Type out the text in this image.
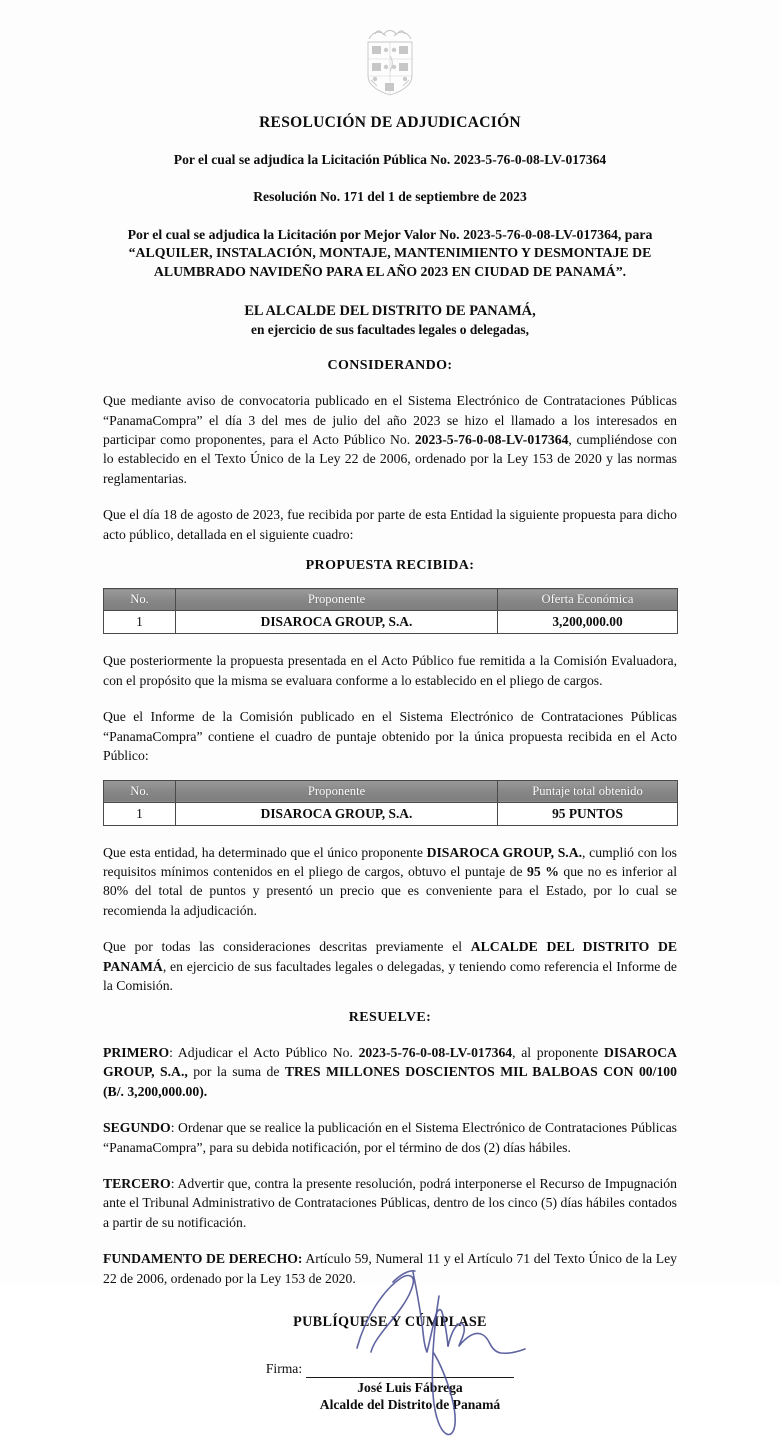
RESOLUCIÓN DE ADJUDICACIÓN
Por el cual se adjudica la Licitación Pública No. 2023-5-76-0-08-LV-017364
Resolución No. 171 del 1 de septiembre de 2023
Por el cual se adjudica la Licitación por Mejor Valor No. 2023-5-76-0-08-LV-017364, para
“ALQUILER, INSTALACIÓN, MONTAJE, MANTENIMIENTO Y DESMONTAJE DE
ALUMBRADO NAVIDEÑO PARA EL AÑO 2023 EN CIUDAD DE PANAMÁ”.
EL ALCALDE DEL DISTRITO DE PANAMÁ,
en ejercicio de sus facultades legales o delegadas,
CONSIDERANDO:

Que mediante aviso de convocatoria publicado en el Sistema Electrónico de Contrataciones Públicas “PanamaCompra” el día 3 del mes de julio del año 2023 se hizo el llamado a los interesados en participar como proponentes, para el Acto Público No. 2023-5-76-0-08-LV-017364, cumpliéndose con lo establecido en el Texto Único de la Ley 22 de 2006, ordenado por la Ley 153 de 2020 y las normas reglamentarias.

Que el día 18 de agosto de 2023, fue recibida por parte de esta Entidad la siguiente propuesta para dicho acto público, detallada en el siguiente cuadro:

PROPUESTA RECIBIDA:
No.	Proponente	Oferta Económica
1	DISAROCA GROUP, S.A.	3,200,000.00

Que posteriormente la propuesta presentada en el Acto Público fue remitida a la Comisión Evaluadora, con el propósito que la misma se evaluara conforme a lo establecido en el pliego de cargos.

Que el Informe de la Comisión publicado en el Sistema Electrónico de Contrataciones Públicas “PanamaCompra” contiene el cuadro de puntaje obtenido por la única propuesta recibida en el Acto Público:

No.	Proponente	Puntaje total obtenido
1	DISAROCA GROUP, S.A.	95 PUNTOS

Que esta entidad, ha determinado que el único proponente DISAROCA GROUP, S.A., cumplió con los requisitos mínimos contenidos en el pliego de cargos, obtuvo el puntaje de 95 % que no es inferior al 80% del total de puntos y presentó un precio que es conveniente para el Estado, por lo cual se recomienda la adjudicación.

Que por todas las consideraciones descritas previamente el ALCALDE DEL DISTRITO DE PANAMÁ, en ejercicio de sus facultades legales o delegadas, y teniendo como referencia el Informe de la Comisión.

RESUELVE:

PRIMERO: Adjudicar el Acto Público No. 2023-5-76-0-08-LV-017364, al proponente DISAROCA GROUP, S.A., por la suma de TRES MILLONES DOSCIENTOS MIL BALBOAS CON 00/100 (B/. 3,200,000.00).

SEGUNDO: Ordenar que se realice la publicación en el Sistema Electrónico de Contrataciones Públicas “PanamaCompra”, para su debida notificación, por el término de dos (2) días hábiles.

TERCERO: Advertir que, contra la presente resolución, podrá interponerse el Recurso de Impugnación ante el Tribunal Administrativo de Contrataciones Públicas, dentro de los cinco (5) días hábiles contados a partir de su notificación.

FUNDAMENTO DE DERECHO: Artículo 59, Numeral 11 y el Artículo 71 del Texto Único de la Ley 22 de 2006, ordenado por la Ley 153 de 2020.

PUBLÍQUESE Y CÚMPLASE
Firma:
José Luis Fábrega
Alcalde del Distrito de Panamá
